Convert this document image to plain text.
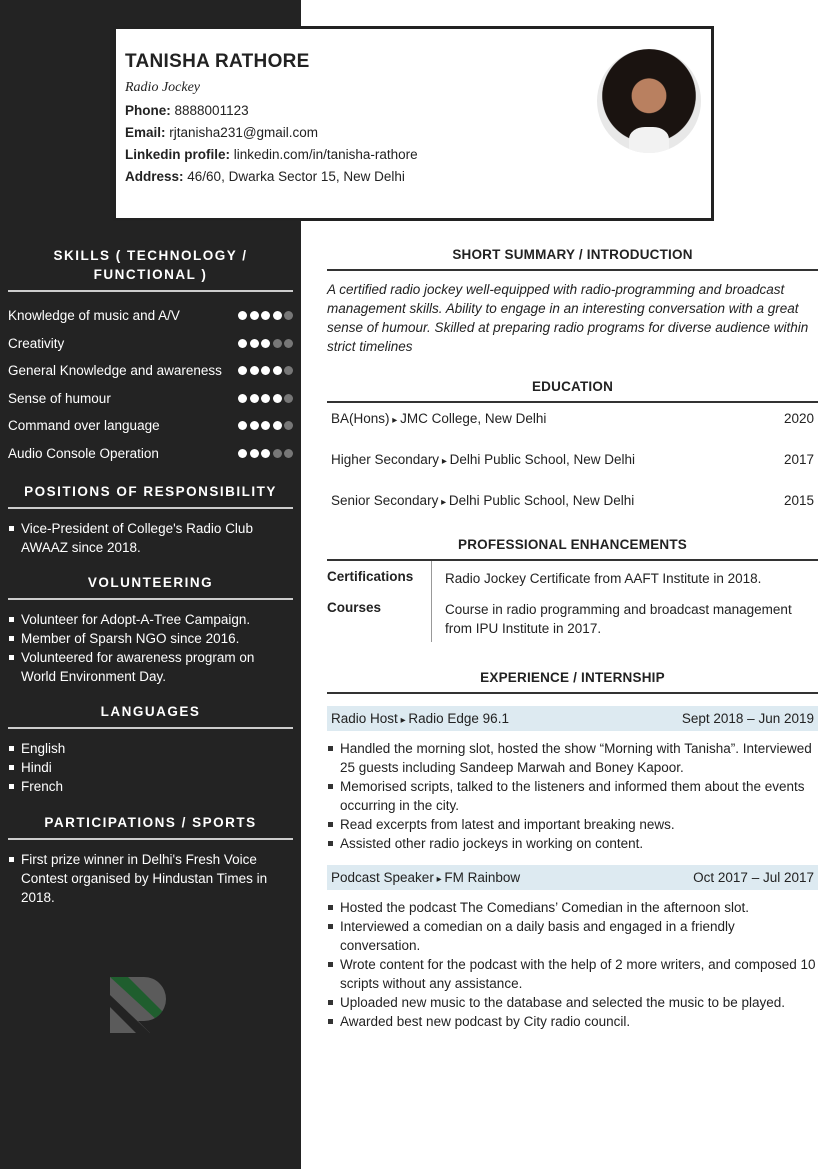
SKILLS ( TECHNOLOGY / FUNCTIONAL )
Knowledge of music and A/V
Creativity
General Knowledge and awareness
Sense of humour
Command over language
Audio Console Operation
POSITIONS OF RESPONSIBILITY
Vice-President of College's Radio Club AWAAZ since 2018.
VOLUNTEERING
Volunteer for Adopt-A-Tree Campaign.
Member of Sparsh NGO since 2016.
Volunteered for awareness program on World Environment Day.
LANGUAGES
English
Hindi
French
PARTICIPATIONS / SPORTS
First prize winner in Delhi's Fresh Voice Contest organised by Hindustan Times in 2018.
TANISHA RATHORE
Radio Jockey
Phone: 8888001123
Email: rjtanisha231@gmail.com
Linkedin profile: linkedin.com/in/tanisha-rathore
Address: 46/60, Dwarka Sector 15, New Delhi
SHORT SUMMARY / INTRODUCTION
A certified radio jockey well-equipped with radio-programming and broadcast management skills. Ability to engage in an interesting conversation with a great sense of humour. Skilled at preparing radio programs for diverse audience within strict timelines
EDUCATION
BA(Hons) ▸ JMC College, New Delhi	2020
Higher Secondary ▸ Delhi Public School, New Delhi	2017
Senior Secondary ▸ Delhi Public School, New Delhi	2015
PROFESSIONAL ENHANCEMENTS
Certifications	Radio Jockey Certificate from AAFT Institute in 2018.
Courses	Course in radio programming and broadcast management from IPU Institute in 2017.
EXPERIENCE / INTERNSHIP
Radio Host ▸ Radio Edge 96.1	Sept 2018 – Jun 2019
Handled the morning slot, hosted the show “Morning with Tanisha”. Interviewed 25 guests including Sandeep Marwah and Boney Kapoor.
Memorised scripts, talked to the listeners and informed them about the events occurring in the city.
Read excerpts from latest and important breaking news.
Assisted other radio jockeys in working on content.
Podcast Speaker ▸ FM Rainbow	Oct 2017 – Jul 2017
Hosted the podcast The Comedians’ Comedian in the afternoon slot.
Interviewed a comedian on a daily basis and engaged in a friendly conversation.
Wrote content for the podcast with the help of 2 more writers, and composed 10 scripts without any assistance.
Uploaded new music to the database and selected the music to be played.
Awarded best new podcast by City radio council.
